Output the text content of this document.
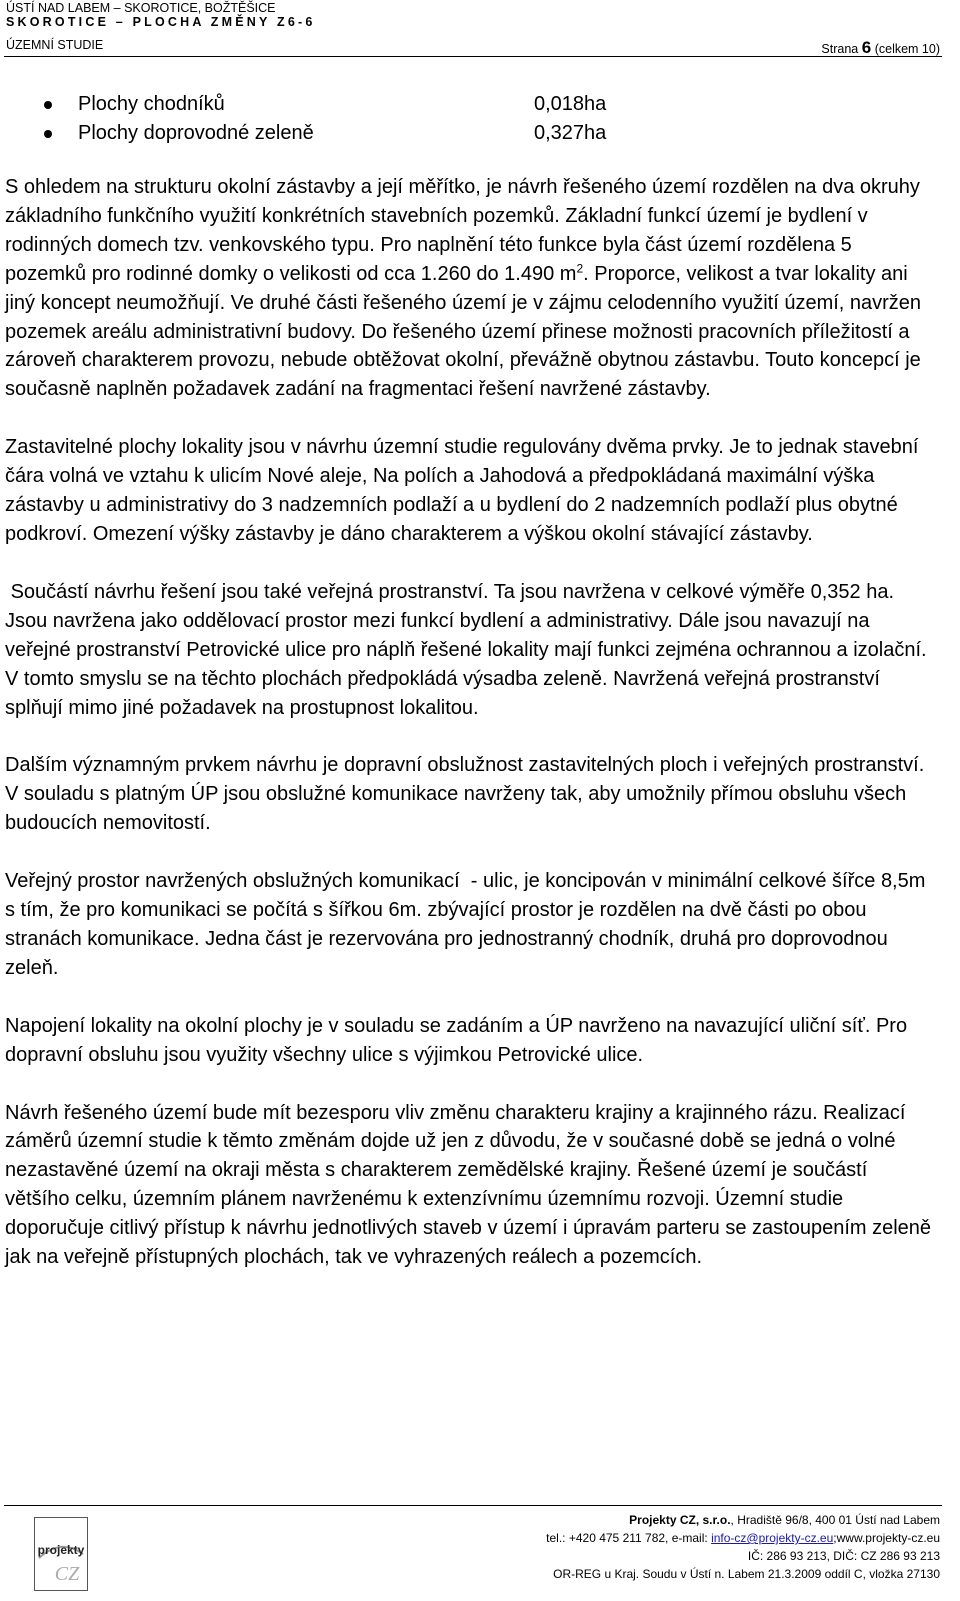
ÚSTÍ NAD LABEM – SKOROTICE, BOŽTĚŠICE
SKOROTICE – PLOCHA ZMĚNY Z6-6
ÚZEMNÍ STUDIE	Strana 6 (celkem 10)
Plochy chodníků	0,018ha
Plochy doprovodné zeleně	0,327ha

S ohledem na strukturu okolní zástavby a její měřítko, je návrh řešeného území rozdělen na dva okruhy základního funkčního využití konkrétních stavebních pozemků. Základní funkcí území je bydlení v rodinných domech tzv. venkovského typu. Pro naplnění této funkce byla část území rozdělena 5 pozemků pro rodinné domky o velikosti od cca 1.260 do 1.490 $m^2$. Proporce, velikost a tvar lokality ani jiný koncept neumožňují. Ve druhé části řešeného území je v zájmu celodenního využití území, navržen pozemek areálu administrativní budovy. Do řešeného území přinese možnosti pracovních příležitostí a zároveň charakterem provozu, nebude obtěžovat okolní, převážně obytnou zástavbu. Touto koncepcí je současně naplněn požadavek zadání na fragmentaci řešení navržené zástavby.

Zastavitelné plochy lokality jsou v návrhu územní studie regulovány dvěma prvky. Je to jednak stavební čára volná ve vztahu k ulicím Nové aleje, Na polích a Jahodová a předpokládaná maximální výška zástavby u administrativy do 3 nadzemních podlaží a u bydlení do 2 nadzemních podlaží plus obytné podkroví. Omezení výšky zástavby je dáno charakterem a výškou okolní stávající zástavby.

Součástí návrhu řešení jsou také veřejná prostranství. Ta jsou navržena v celkové výměře 0,352 ha. Jsou navržena jako oddělovací prostor mezi funkcí bydlení a administrativy. Dále jsou navazují na veřejné prostranství Petrovické ulice pro náplň řešené lokality mají funkci zejména ochrannou a izolační. V tomto smyslu se na těchto plochách předpokládá výsadba zeleně. Navržená veřejná prostranství splňují mimo jiné požadavek na prostupnost lokalitou.

Dalším významným prvkem návrhu je dopravní obslužnost zastavitelných ploch i veřejných prostranství. V souladu s platným ÚP jsou obslužné komunikace navrženy tak, aby umožnily přímou obsluhu všech budoucích nemovitostí.

Veřejný prostor navržených obslužných komunikací  - ulic, je koncipován v minimální celkové šířce 8,5m s tím, že pro komunikaci se počítá s šířkou 6m. zbývající prostor je rozdělen na dvě části po obou stranách komunikace. Jedna část je rezervována pro jednostranný chodník, druhá pro doprovodnou zeleň.

Napojení lokality na okolní plochy je v souladu se zadáním a ÚP navrženo na navazující uliční síť. Pro dopravní obsluhu jsou využity všechny ulice s výjimkou Petrovické ulice.

Návrh řešeného území bude mít bezesporu vliv změnu charakteru krajiny a krajinného rázu. Realizací záměrů územní studie k těmto změnám dojde už jen z důvodu, že v současné době se jedná o volné nezastavěné území na okraji města s charakterem zemědělské krajiny. Řešené území je součástí většího celku, územním plánem navrženému k extenzívnímu územnímu rozvoji. Územní studie doporučuje citlivý přístup k návrhu jednotlivých staveb v území i úpravám parteru se zastoupením zeleně jak na veřejně přístupných plochách, tak ve vyhrazených reálech a pozemcích.

projekty
CZ
Projekty CZ, s.r.o., Hradiště 96/8, 400 01 Ústí nad Labem
tel.: +420 475 211 782, e-mail: info-cz@projekty-cz.eu;www.projekty-cz.eu
IČ: 286 93 213, DIČ: CZ 286 93 213
OR-REG u Kraj. Soudu v Ústí n. Labem 21.3.2009 oddíl C, vložka 27130
